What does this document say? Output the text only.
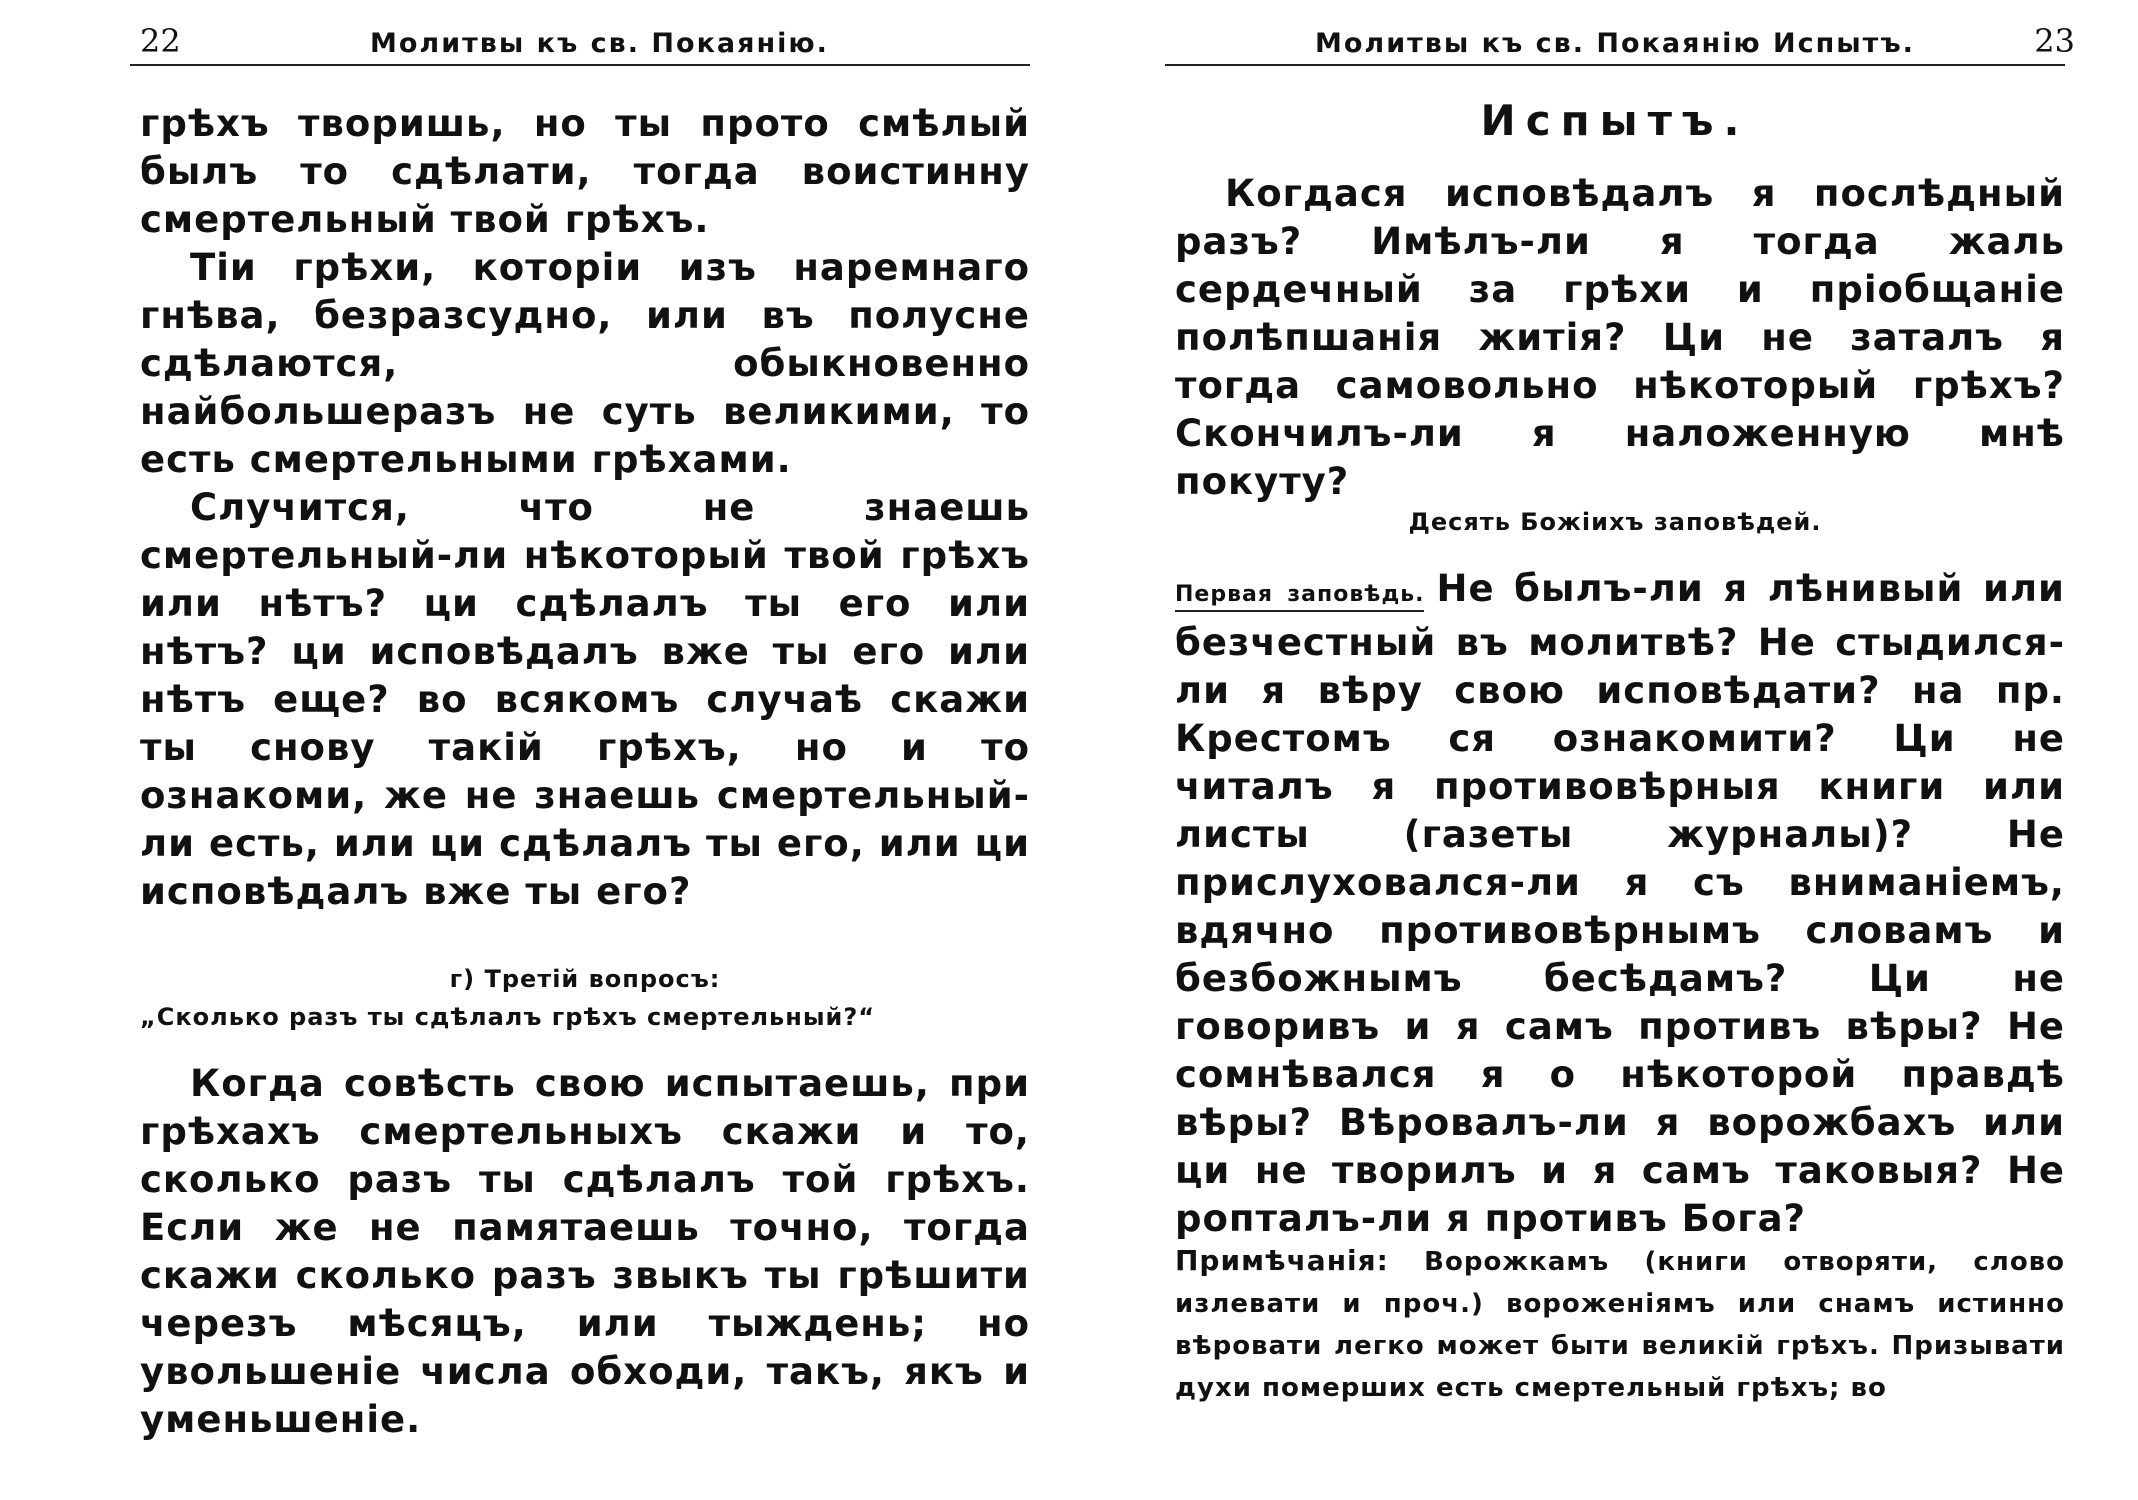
22	Молитвы къ св. Покаянію.

грѣхъ творишь, но ты прото смѣлый былъ то сдѣлати, тогда воистинну смертельный твой грѣхъ.

Тіи грѣхи, которіи изъ наремнаго гнѣва, безразсудно, или въ полусне сдѣлаются, обыкновенно найбольшеразъ не суть великими, то есть смертельными грѣхами.

Случится, что не знаешь смертельный-ли нѣкоторый твой грѣхъ или нѣтъ? ци сдѣлалъ ты его или нѣтъ? ци исповѣдалъ вже ты его или нѣтъ еще? во всякомъ случаѣ скажи ты снову такій грѣхъ, но и то ознакоми, же не знаешь смертельный-ли есть, или ци сдѣлалъ ты его, или ци исповѣдалъ вже ты его?

г) Третій вопросъ:
„Сколько разъ ты сдѣлалъ грѣхъ смертельный?“

Когда совѣсть свою испытаешь, при грѣхахъ смертельныхъ скажи и то, сколько разъ ты сдѣлалъ той грѣхъ. Если же не памятаешь точно, тогда скажи сколько разъ звыкъ ты грѣшити черезъ мѣсяцъ, или тыждень; но увольшеніе числа обходи, такъ, якъ и уменьшеніе.

Молитвы къ св. Покаянію Испытъ.	23
Испытъ.

Когдася исповѣдалъ я послѣдный разъ? Имѣлъ-ли я тогда жаль сердечный за грѣхи и пріобщаніе полѣпшанія житія? Ци не заталъ я тогда самовольно нѣкоторый грѣхъ? Скончилъ-ли я наложенную мнѣ покуту?

Десять Божіихъ заповѣдей.

Первая заповѣдь. Не былъ-ли я лѣнивый или безчестный въ молитвѣ? Не стыдился-ли я вѣру свою исповѣдати? на пр. Крестомъ ся ознакомити? Ци не читалъ я противовѣрныя книги или листы (газеты журналы)? Не прислуховался-ли я съ вниманіемъ, вдячно противовѣрнымъ словамъ и безбожнымъ бесѣдамъ? Ци не говоривъ и я самъ противъ вѣры? Не сомнѣвался я о нѣкоторой правдѣ вѣры? Вѣровалъ-ли я ворожбахъ или ци не творилъ и я самъ таковыя? Не ропталъ-ли я противъ Бога?

Примѣчанія: Ворожкамъ (книги отворяти, слово излевати и проч.) вороженіямъ или снамъ истинно вѣровати легко может быти великій грѣхъ. Призывати духи померших есть смертельный грѣхъ; во
